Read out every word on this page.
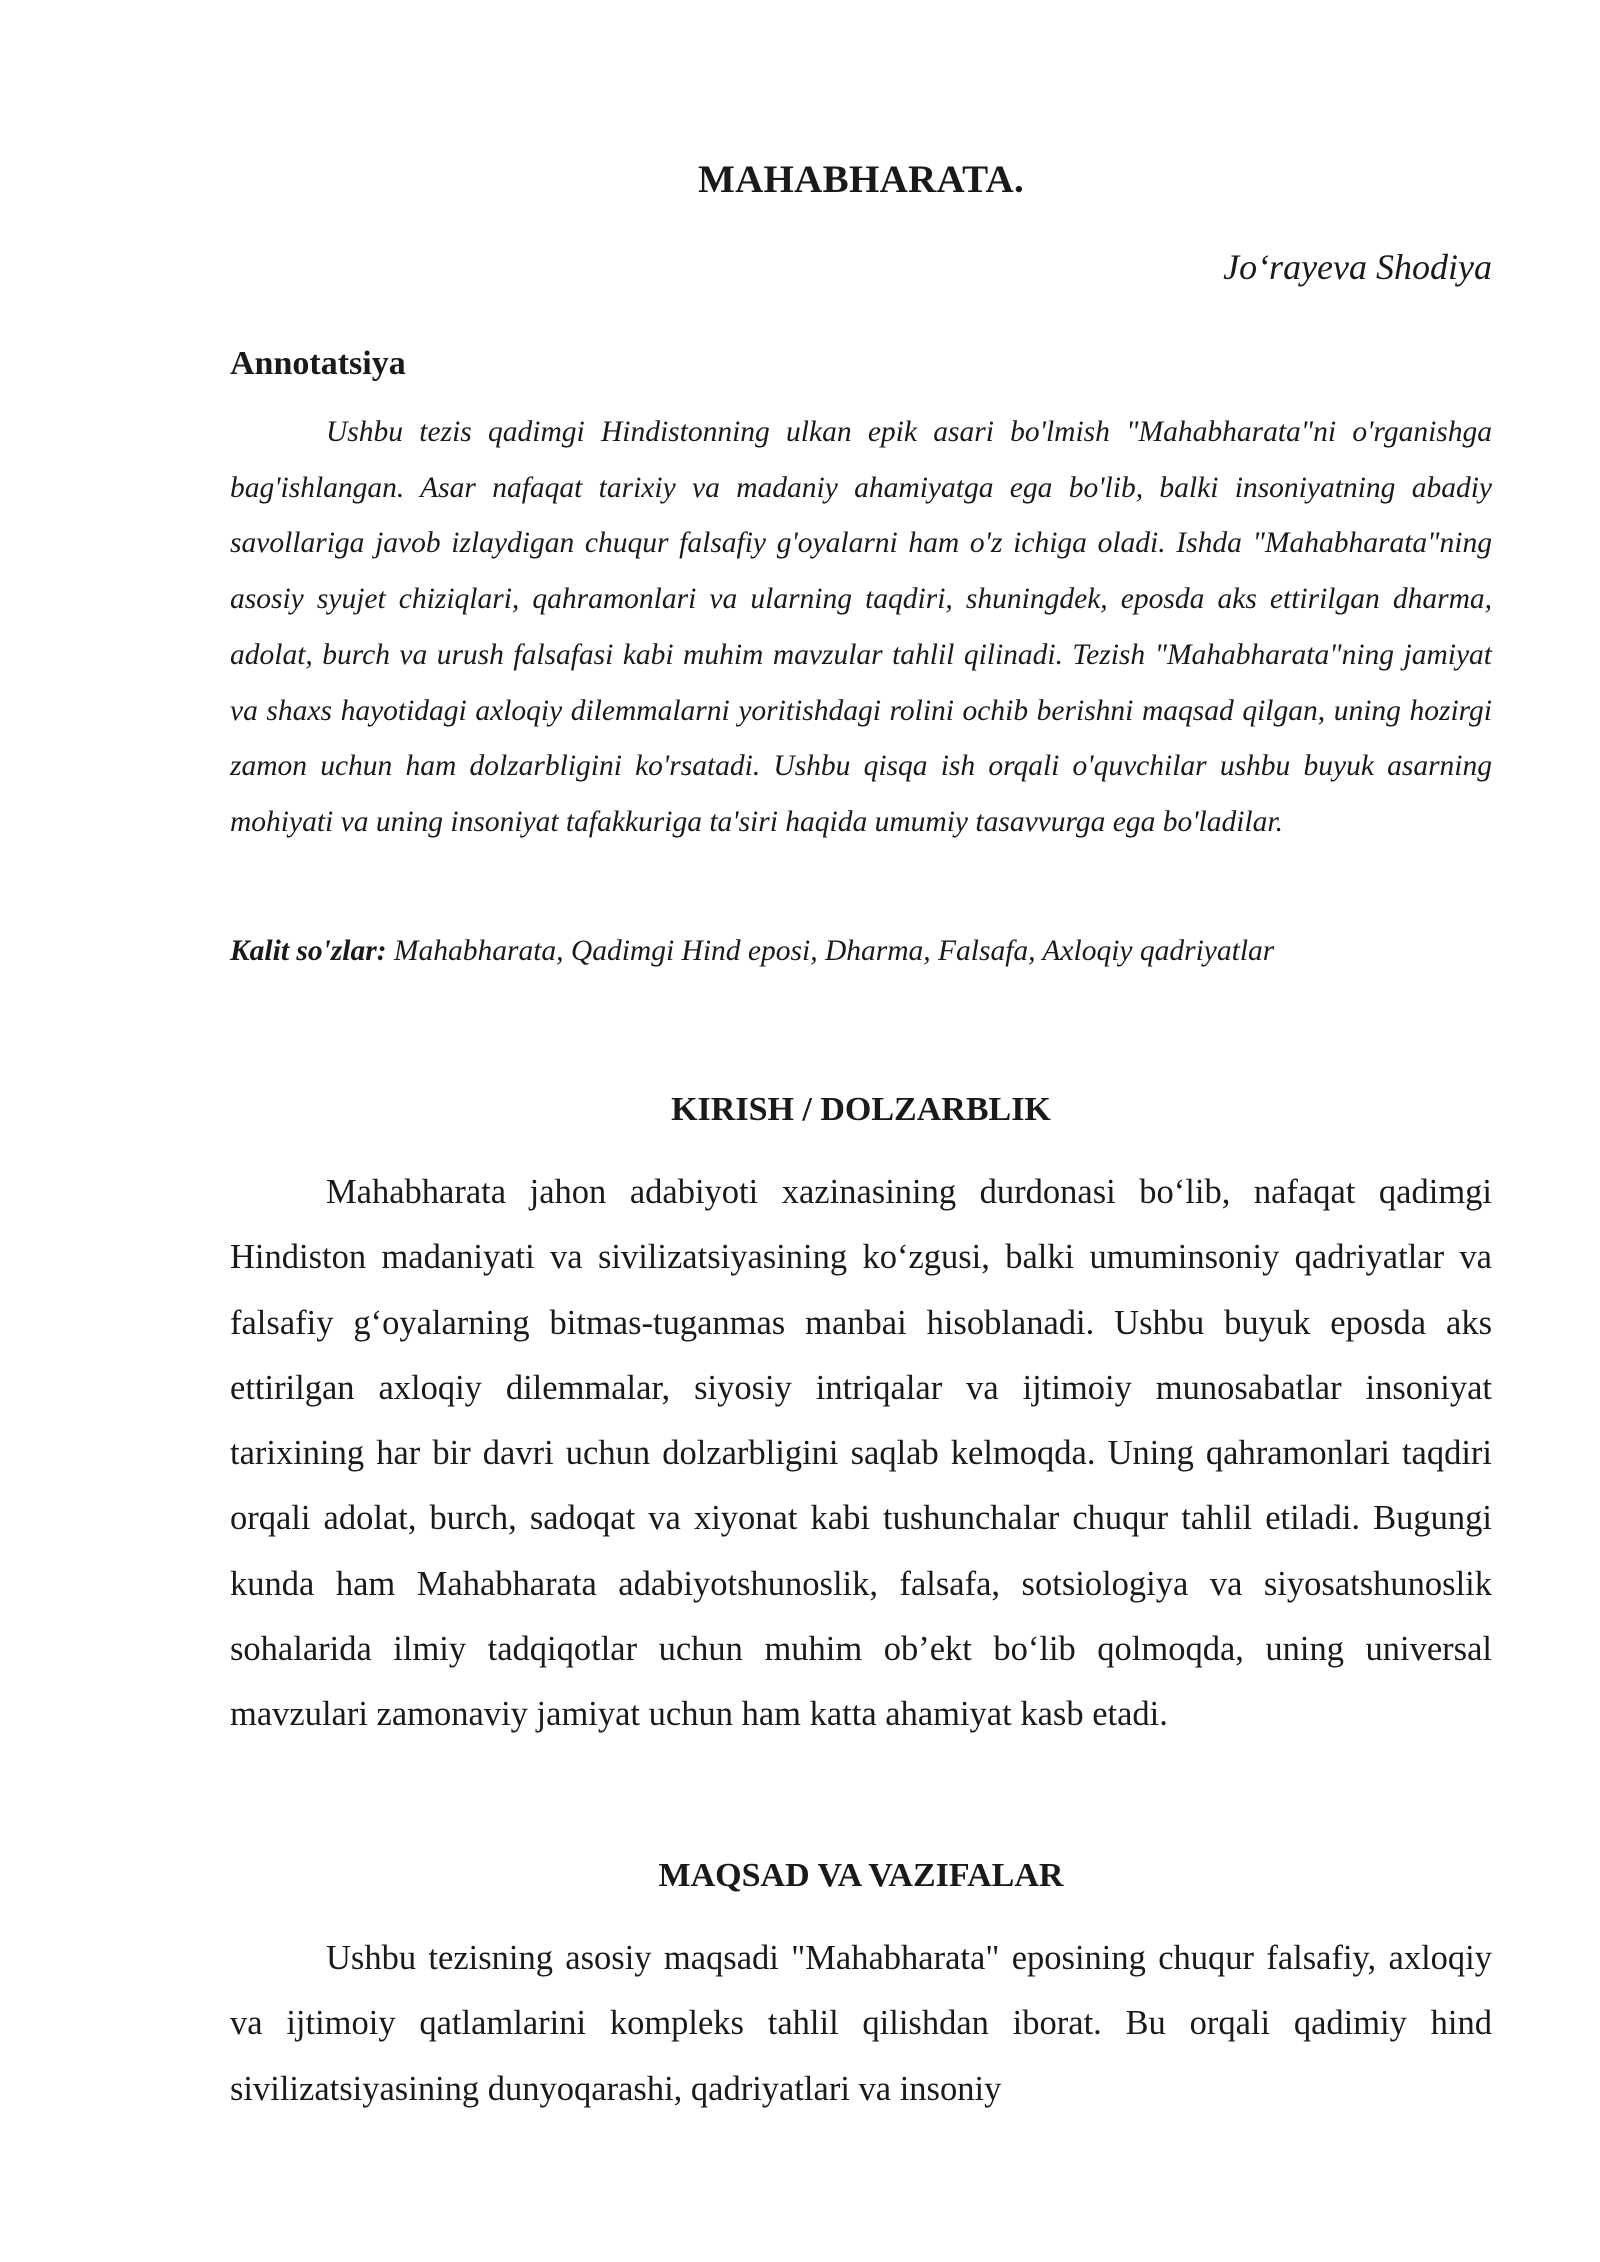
MAHABHARATA.
Jo‘rayeva Shodiya
Annotatsiya

Ushbu tezis qadimgi Hindistonning ulkan epik asari bo'lmish "Mahabharata"ni o'rganishga bag'ishlangan. Asar nafaqat tarixiy va madaniy ahamiyatga ega bo'lib, balki insoniyatning abadiy savollariga javob izlaydigan chuqur falsafiy g'oyalarni ham o'z ichiga oladi. Ishda "Mahabharata"ning asosiy syujet chiziqlari, qahramonlari va ularning taqdiri, shuningdek, eposda aks ettirilgan dharma, adolat, burch va urush falsafasi kabi muhim mavzular tahlil qilinadi. Tezish "Mahabharata"ning jamiyat va shaxs hayotidagi axloqiy dilemmalarni yoritishdagi rolini ochib berishni maqsad qilgan, uning hozirgi zamon uchun ham dolzarbligini ko'rsatadi. Ushbu qisqa ish orqali o'quvchilar ushbu buyuk asarning mohiyati va uning insoniyat tafakkuriga ta'siri haqida umumiy tasavvurga ega bo'ladilar.

Kalit so'zlar: Mahabharata, Qadimgi Hind eposi, Dharma, Falsafa, Axloqiy qadriyatlar

KIRISH / DOLZARBLIK

Mahabharata jahon adabiyoti xazinasining durdonasi bo‘lib, nafaqat qadimgi Hindiston madaniyati va sivilizatsiyasining ko‘zgusi, balki umuminsoniy qadriyatlar va falsafiy g‘oyalarning bitmas-tuganmas manbai hisoblanadi. Ushbu buyuk eposda aks ettirilgan axloqiy dilemmalar, siyosiy intriqalar va ijtimoiy munosabatlar insoniyat tarixining har bir davri uchun dolzarbligini saqlab kelmoqda. Uning qahramonlari taqdiri orqali adolat, burch, sadoqat va xiyonat kabi tushunchalar chuqur tahlil etiladi. Bugungi kunda ham Mahabharata adabiyotshunoslik, falsafa, sotsiologiya va siyosatshunoslik sohalarida ilmiy tadqiqotlar uchun muhim ob’ekt bo‘lib qolmoqda, uning universal mavzulari zamonaviy jamiyat uchun ham katta ahamiyat kasb etadi.

MAQSAD VA VAZIFALAR

Ushbu tezisning asosiy maqsadi "Mahabharata" eposining chuqur falsafiy, axloqiy va ijtimoiy qatlamlarini kompleks tahlil qilishdan iborat. Bu orqali qadimiy hind sivilizatsiyasining dunyoqarashi, qadriyatlari va insoniy
